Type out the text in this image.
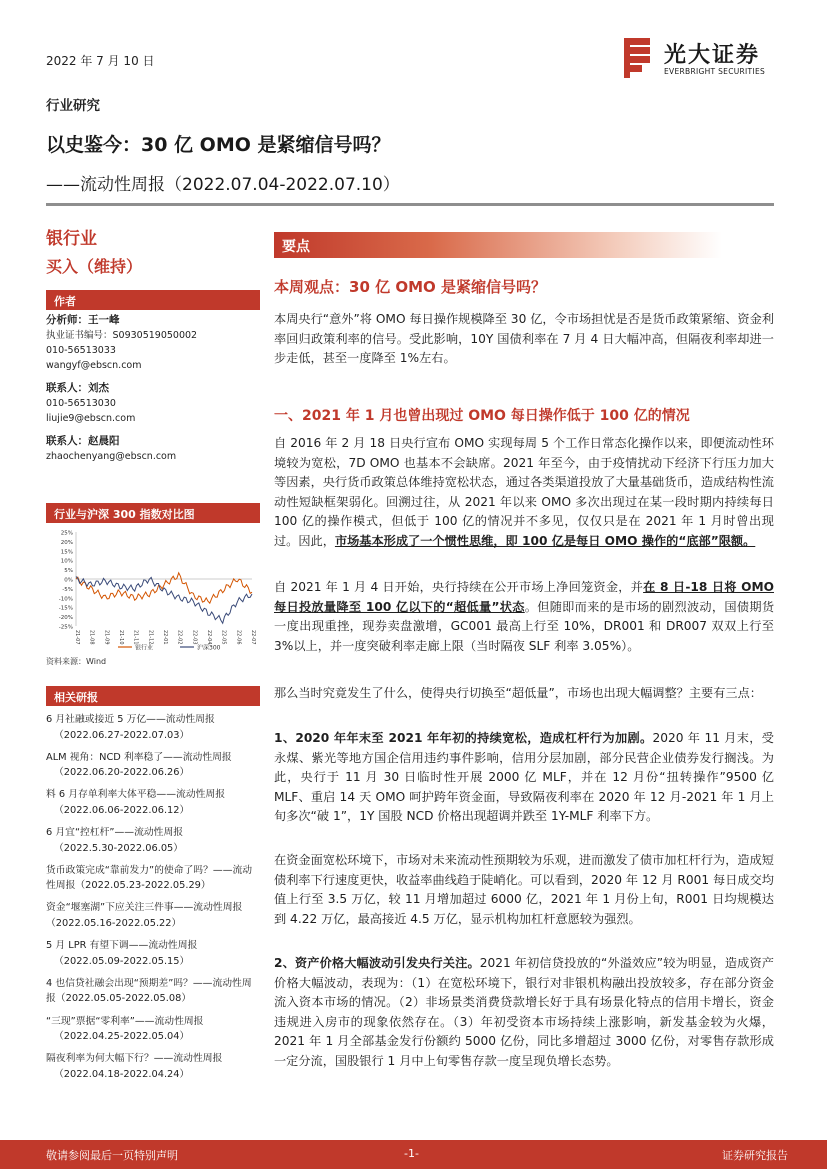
2022 年 7 月 10 日	光大证券
EVERBRIGHT SECURITIES
行业研究
以史鉴今：30 亿 OMO 是紧缩信号吗？
——流动性周报（2022.07.04-2022.07.10）
银行业
买入（维持）
作者
分析师：王一峰
执业证书编号：S0930519050002
010-56513033
wangyf@ebscn.com
联系人：刘杰
010-56513030
liujie9@ebscn.com
联系人：赵晨阳
zhaochenyang@ebscn.com
行业与沪深 300 指数对比图
25%
20%
15%
10%
5%
0%
-5%
-10%
-15%
-20%
-25%
21-07 21-08 21-09 21-10 21-11 21-12 22-01 22-02 22-03 22-04 22-05 22-06 22-07
银行业	沪深300
资料来源：Wind
相关研报
6 月社融或接近 5 万亿——流动性周报
（2022.06.27-2022.07.03）
ALM 视角：NCD 利率稳了——流动性周报
（2022.06.20-2022.06.26）
料 6 月存单利率大体平稳——流动性周报
（2022.06.06-2022.06.12）
6 月宜“控杠杆”——流动性周报
（2022.5.30-2022.06.05）
货币政策完成“靠前发力”的使命了吗？——流动性周报（2022.05.23-2022.05.29）
资金“堰塞湖”下应关注三件事——流动性周报（2022.05.16-2022.05.22）
5 月 LPR 有望下调——流动性周报
（2022.05.09-2022.05.15）
4 也信贷社融会出现“预期差”吗？——流动性周报（2022.05.05-2022.05.08）
“三现”票据“零利率”——流动性周报
（2022.04.25-2022.05.04）
隔夜利率为何大幅下行？——流动性周报
（2022.04.18-2022.04.24）
要点
本周观点：30 亿 OMO 是紧缩信号吗？
本周央行“意外”将 OMO 每日操作规模降至 30 亿，令市场担忧是否是货币政策紧缩、资金利率回归政策利率的信号。受此影响，10Y 国债利率在 7 月 4 日大幅冲高，但隔夜利率却进一步走低，甚至一度降至 1%左右。
一、2021 年 1 月也曾出现过 OMO 每日操作低于 100 亿的情况
自 2016 年 2 月 18 日央行宣布 OMO 实现每周 5 个工作日常态化操作以来，即便流动性环境较为宽松，7D OMO 也基本不会缺席。2021 年至今，由于疫情扰动下经济下行压力加大等因素，央行货币政策总体维持宽松状态，通过各类渠道投放了大量基础货币，造成结构性流动性短缺框架弱化。回溯过往，从 2021 年以来 OMO 多次出现过在某一段时期内持续每日 100 亿的操作模式，但低于 100 亿的情况并不多见，仅仅只是在 2021 年 1 月时曾出现过。因此，市场基本形成了一个惯性思维，即 100 亿是每日 OMO 操作的“底部”限额。
自 2021 年 1 月 4 日开始，央行持续在公开市场上净回笼资金，并在 8 日-18 日将 OMO 每日投放量降至 100 亿以下的“超低量”状态。但随即而来的是市场的剧烈波动，国债期货一度出现重挫，现券卖盘激增，GC001 最高上行至 10%，DR001 和 DR007 双双上行至 3%以上，并一度突破利率走廊上限（当时隔夜 SLF 利率 3.05%）。
那么当时究竟发生了什么，使得央行切换至“超低量”，市场也出现大幅调整？主要有三点：
1、2020 年年末至 2021 年年初的持续宽松，造成杠杆行为加剧。2020 年 11 月末，受永煤、紫光等地方国企信用违约事件影响，信用分层加剧，部分民营企业债券发行搁浅。为此，央行于 11 月 30 日临时性开展 2000 亿 MLF，并在 12 月份“扭转操作”9500 亿 MLF、重启 14 天 OMO 呵护跨年资金面，导致隔夜利率在 2020 年 12 月-2021 年 1 月上旬多次“破 1”，1Y 国股 NCD 价格出现超调并跌至 1Y-MLF 利率下方。
在资金面宽松环境下，市场对未来流动性预期较为乐观，进而激发了债市加杠杆行为，造成短债利率下行速度更快，收益率曲线趋于陡峭化。可以看到，2020 年 12 月 R001 每日成交均值上行至 3.5 万亿，较 11 月增加超过 6000 亿，2021 年 1 月份上旬，R001 日均规模达到 4.22 万亿，最高接近 4.5 万亿，显示机构加杠杆意愿较为强烈。
2、资产价格大幅波动引发央行关注。2021 年初信贷投放的“外溢效应”较为明显，造成资产价格大幅波动，表现为：（1）在宽松环境下，银行对非银机构融出投放较多，存在部分资金流入资本市场的情况。（2）非场景类消费贷款增长好于具有场景化特点的信用卡增长，资金违规进入房市的现象依然存在。（3）年初受资本市场持续上涨影响，新发基金较为火爆，2021 年 1 月全部基金发行份额约 5000 亿份，同比多增超过 3000 亿份，对零售存款形成一定分流，国股银行 1 月中上旬零售存款一度呈现负增长态势。
敬请参阅最后一页特别声明	-1-	证券研究报告
